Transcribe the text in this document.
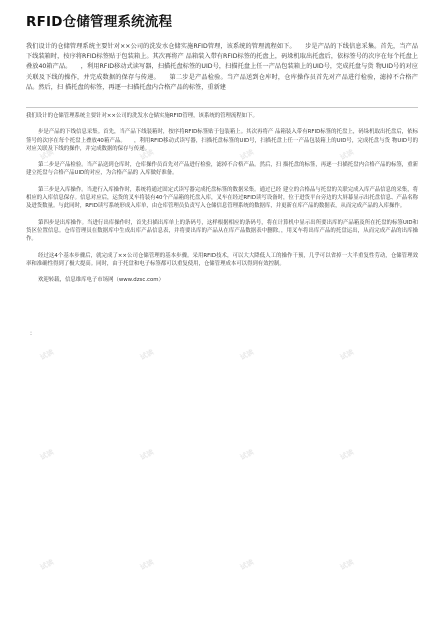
RFID仓储管理系统流程

我们设计的仓储管理系统主要针对××公司的洗发水仓储实施RFID管理，该系统的管理流程如下。　　步是产品的下线信息采集。首先，当产品下线装箱时，按序将RFID标签贴于包装箱上。其次再将产 品箱装入带有RFID标签的托盘上，码垛机取出托盘后，依标签号的次序在每个托盘上叠放40箱产品。　　，利用RFID移动式读写器，扫描托盘标签的UID号，扫描托盘上任一产品包装箱上的UID号，完成托盘与货 物UID号的对应关联及下线的操作，并完成数据的保存与传递。　　第二步是产品检验。当产品送到仓库时，仓库操作员首先对产品进行检验，滤掉不合格产品。然后，扫 描托盘的标签，再逐一扫描托盘内合格产品的标签，重新建

我们设计的仓储管理系统主要针对××公司的洗发水仓储实施RFID管理，该系统的管理流程如下。

步是产品的下线信息采集。首先，当产品下线装箱时，按序将RFID标签贴于包装箱上。其次再将产 品箱装入带有RFID标签的托盘上，码垛机取出托盘后，依标签号的次序在每个托盘上叠放40箱产品。　　，利用RFID移动式读写器，扫描托盘标签的UID号，扫描托盘上任一产品包装箱上的UID号，完成托盘与货 物UID号的对应关联及下线的操作，并完成数据的保存与传递。

第二步是产品检验。当产品送到仓库时，仓库操作员首先对产品进行检验，滤掉不合格产品。然后，扫 描托盘的标签，再逐一扫描托盘内合格产品的标签，重新建立托盘与合格产品UID的对应，为合格产品的 入库做好准备。

第三步是入库操作。当进行入库操作时，系统将通过固定式读写器完成托盘标签的数据采集。通过已经 建立的合格品与托盘的关联完成入库产品信息的采集，将相应的入库信息保存。信息对应后，运货的叉车将装有40个产品箱的托盘入库，叉车在经过RFID读写设备时，位于进货平台旁边的大屏幕显示出托盘信息、产品名称及进货数量。与此同时，RFID读写系统形成入库单，由仓库管理员负责写入仓储信息管理系统的数据库，并更新在库产品的数据表，从而完成产品的入库操作。

第四步是出库操作。当进行出库操作时，首先扫描出库单上的条码号，这样根据相应的条码号，将在计算机中显示出所要出库的产品箱及所在托盘的标签UID和货区位置信息。仓库管理员在数据库中生成出库产品信息表，并将要出库的产品从在库产品数据表中删除。，用叉车将出库产品的托盘运出，从而完成产品的出库操作。

经过这4个基本步骤后，就完成了××公司仓储管理的基本步骤。采用RFID技术，可以大大降低人工的操作干预，几乎可以省掉一大半重复性劳动，仓储管理效率和准确性得到了极大提高。同时，由于托盘和电子标签都可以重复使用，仓储管理成本可以得到有效控制。

欢迎转载，信息维库电子市场网（www.dzsc.com）

:
试读	试读	试读	试读
试读	试读	试读	试读
试读	试读	试读	试读
试读	试读	试读	试读
